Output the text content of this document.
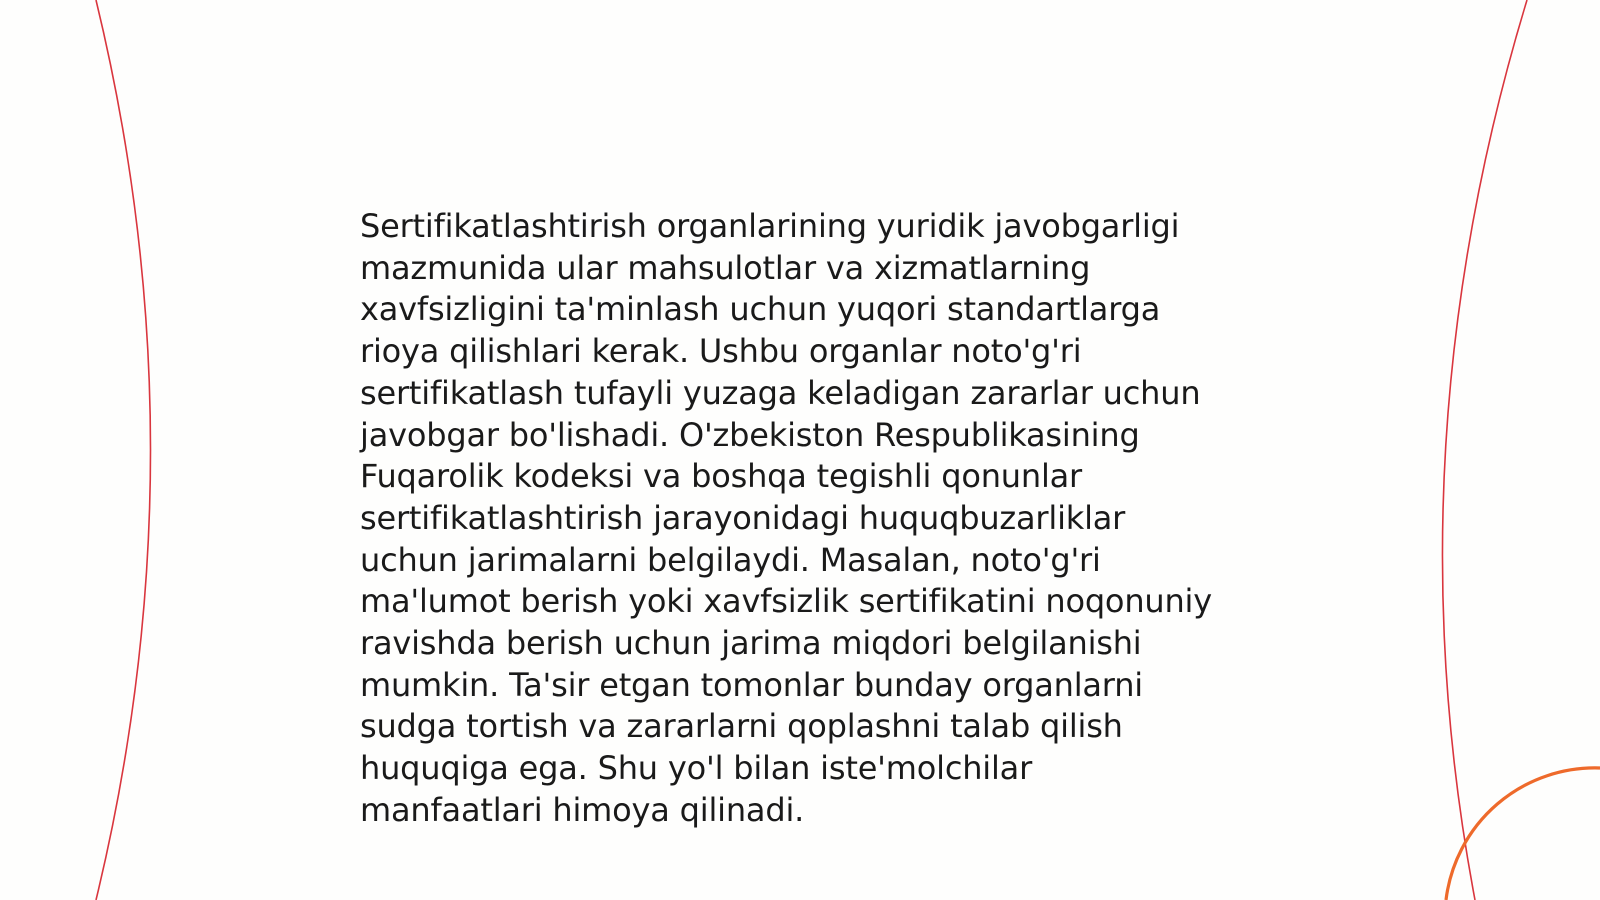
Sertifikatlashtirish organlarining yuridik javobgarligi
mazmunida ular mahsulotlar va xizmatlarning
xavfsizligini ta'minlash uchun yuqori standartlarga
rioya qilishlari kerak. Ushbu organlar noto'g'ri
sertifikatlash tufayli yuzaga keladigan zararlar uchun
javobgar bo'lishadi. O'zbekiston Respublikasining
Fuqarolik kodeksi va boshqa tegishli qonunlar
sertifikatlashtirish jarayonidagi huquqbuzarliklar
uchun jarimalarni belgilaydi. Masalan, noto'g'ri
ma'lumot berish yoki xavfsizlik sertifikatini noqonuniy
ravishda berish uchun jarima miqdori belgilanishi
mumkin. Ta'sir etgan tomonlar bunday organlarni
sudga tortish va zararlarni qoplashni talab qilish
huquqiga ega. Shu yo'l bilan iste'molchilar
manfaatlari himoya qilinadi.
